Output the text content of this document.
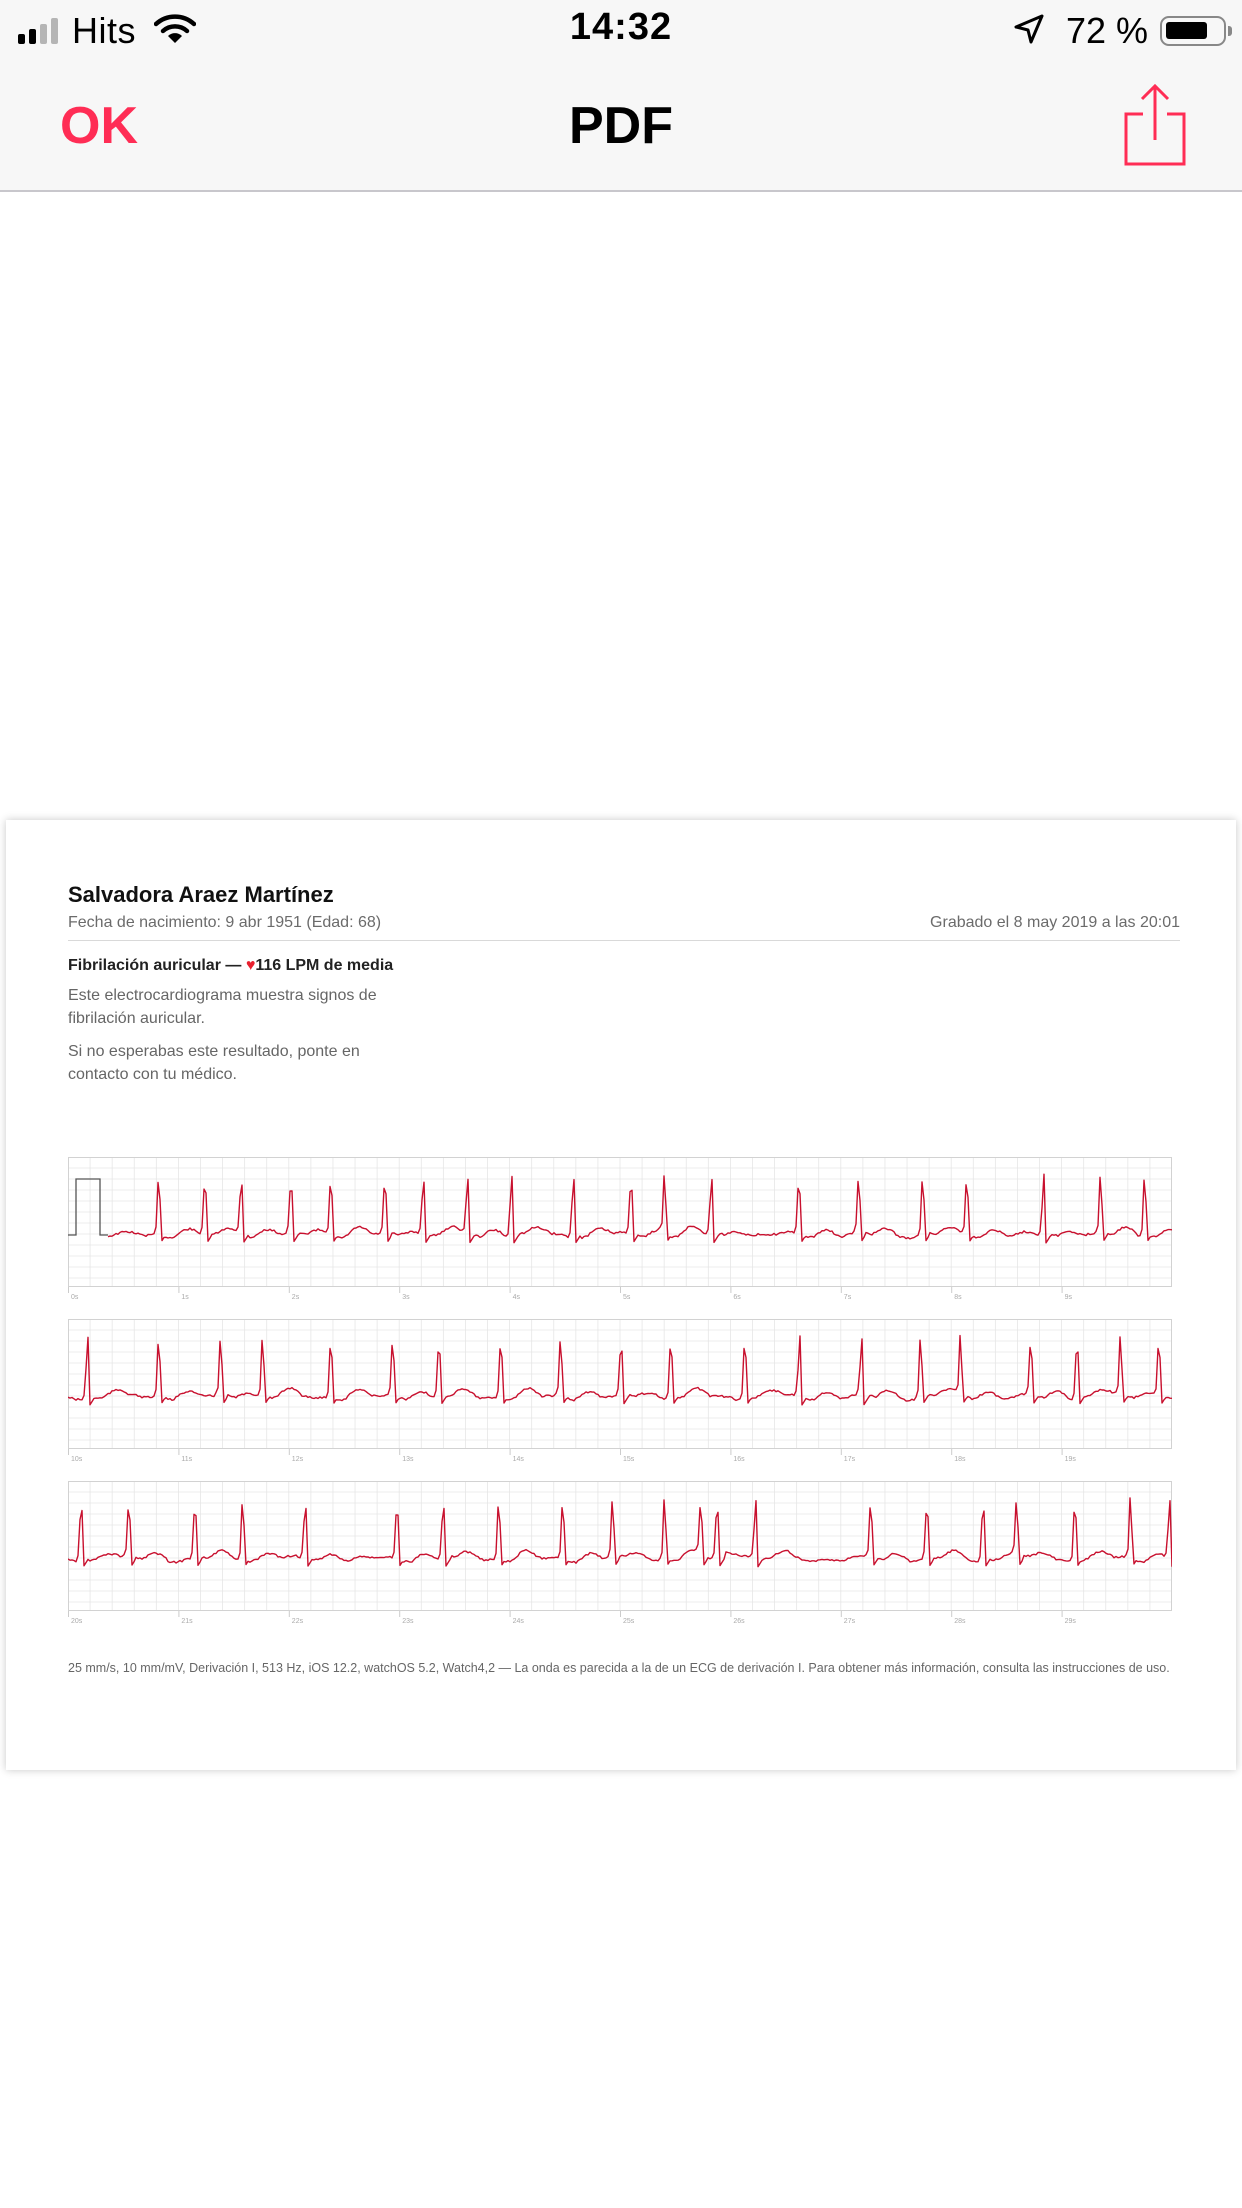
Hits	14:32	72 %
OK	PDF
Salvadora Araez Martínez
Fecha de nacimiento: 9 abr 1951 (Edad: 68)	Grabado el 8 may 2019 a las 20:01
Fibrilación auricular — ♥116 LPM de media

Este electrocardiograma muestra signos de fibrilación auricular.

Si no esperabas este resultado, ponte en contacto con tu médico.

0s	1s	2s	3s	4s	5s	6s	7s	8s	9s
10s	11s	12s	13s	14s	15s	16s	17s	18s	19s
20s	21s	22s	23s	24s	25s	26s	27s	28s	29s
25 mm/s, 10 mm/mV, Derivación I, 513 Hz, iOS 12.2, watchOS 5.2, Watch4,2 — La onda es parecida a la de un ECG de derivación I. Para obtener más información, consulta las instrucciones de uso.
